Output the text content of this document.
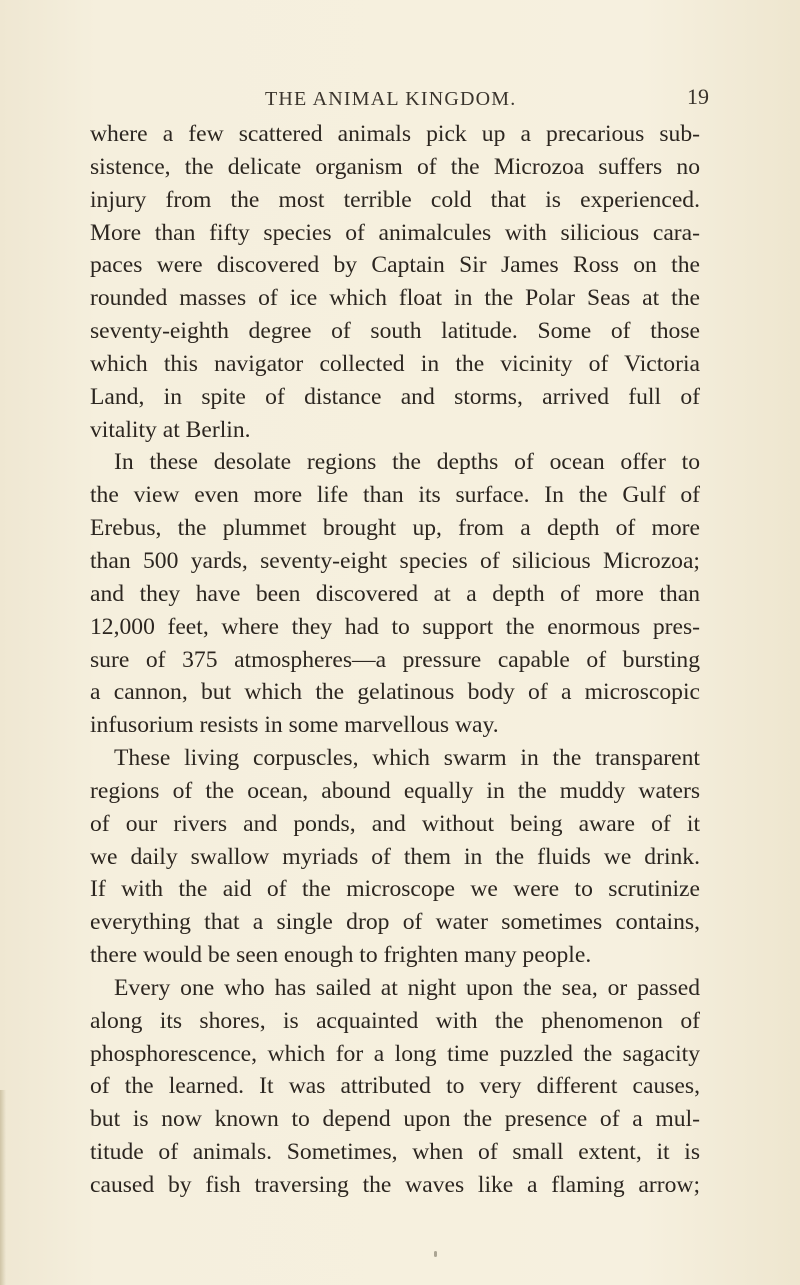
THE ANIMAL KINGDOM.	19
where a few scattered animals pick up a precarious sub-
sistence, the delicate organism of the Microzoa suffers no
injury from the most terrible cold that is experienced.
More than fifty species of animalcules with silicious cara-
paces were discovered by Captain Sir James Ross on the
rounded masses of ice which float in the Polar Seas at the
seventy-eighth degree of south latitude. Some of those
which this navigator collected in the vicinity of Victoria
Land, in spite of distance and storms, arrived full of
vitality at Berlin.
In these desolate regions the depths of ocean offer to
the view even more life than its surface. In the Gulf of
Erebus, the plummet brought up, from a depth of more
than 500 yards, seventy-eight species of silicious Microzoa;
and they have been discovered at a depth of more than
12,000 feet, where they had to support the enormous pres-
sure of 375 atmospheres—a pressure capable of bursting
a cannon, but which the gelatinous body of a microscopic
infusorium resists in some marvellous way.
These living corpuscles, which swarm in the transparent
regions of the ocean, abound equally in the muddy waters
of our rivers and ponds, and without being aware of it
we daily swallow myriads of them in the fluids we drink.
If with the aid of the microscope we were to scrutinize
everything that a single drop of water sometimes contains,
there would be seen enough to frighten many people.
Every one who has sailed at night upon the sea, or passed
along its shores, is acquainted with the phenomenon of
phosphorescence, which for a long time puzzled the sagacity
of the learned. It was attributed to very different causes,
but is now known to depend upon the presence of a mul-
titude of animals. Sometimes, when of small extent, it is
caused by fish traversing the waves like a flaming arrow;
